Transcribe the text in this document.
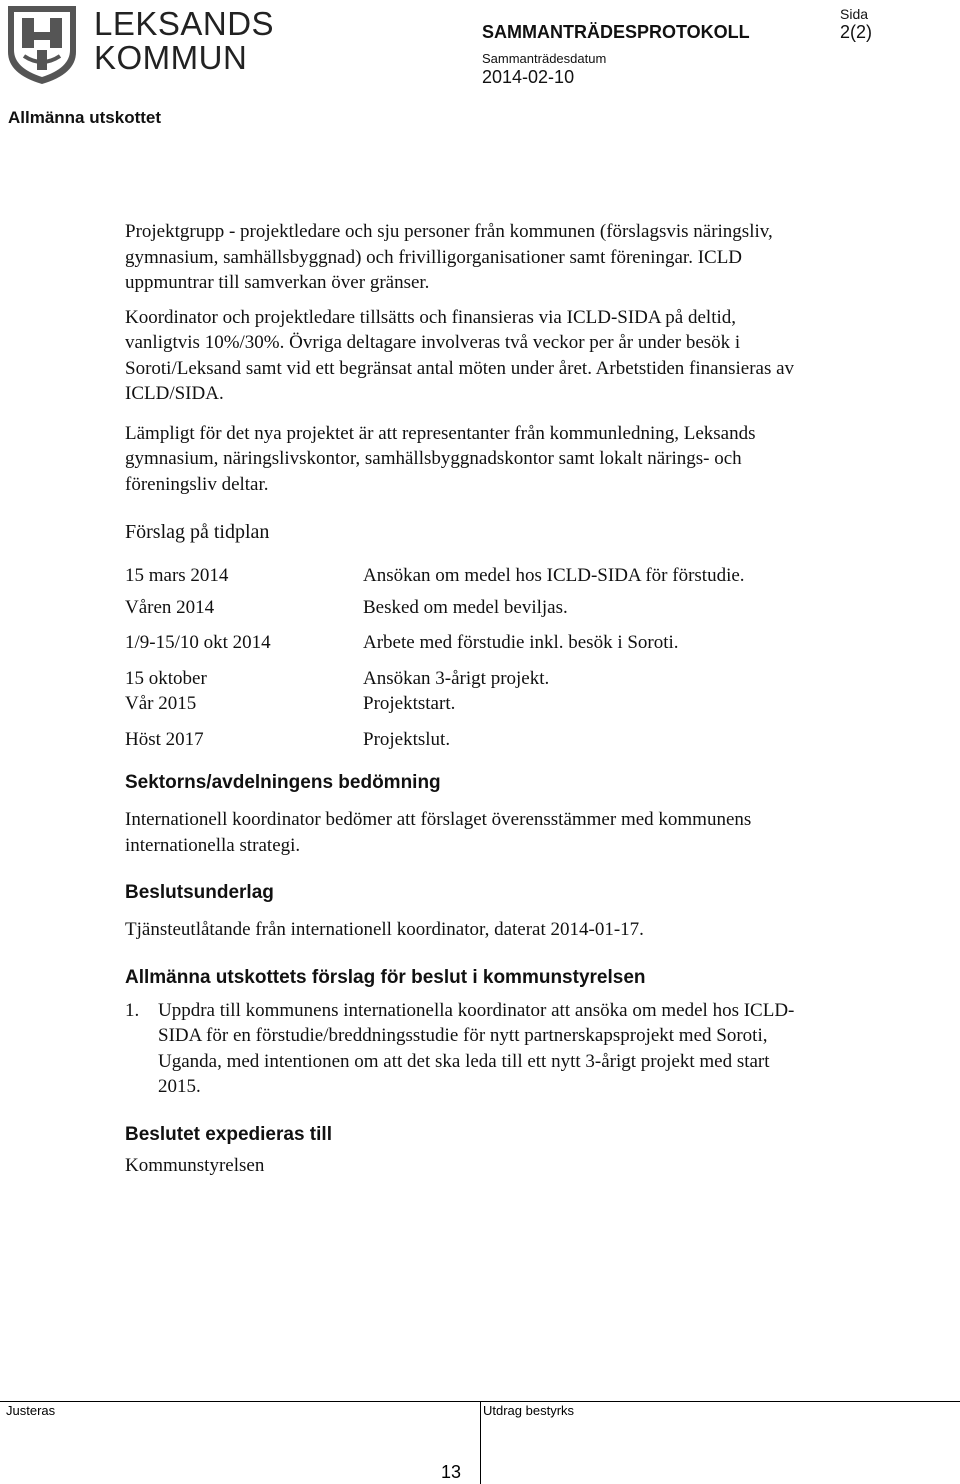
LEKSANDS
KOMMUN
SAMMANTRÄDESPROTOKOLL
Sammanträdesdatum
2014-02-10
Sida
2(2)
Allmänna utskottet

Projektgrupp - projektledare och sju personer från kommunen (förslagsvis näringsliv, gymnasium, samhällsbyggnad) och frivilligorganisationer samt föreningar. ICLD uppmuntrar till samverkan över gränser.

Koordinator och projektledare tillsätts och finansieras via ICLD-SIDA på deltid, vanligtvis 10%/30%. Övriga deltagare involveras två veckor per år under besök i Soroti/Leksand samt vid ett begränsat antal möten under året. Arbetstiden finansieras av ICLD/SIDA.

Lämpligt för det nya projektet är att representanter från kommunledning, Leksands gymnasium, näringslivskontor, samhällsbyggnadskontor samt lokalt närings- och föreningsliv deltar.

Förslag på tidplan
15 mars 2014	Ansökan om medel hos ICLD-SIDA för förstudie.
Våren 2014	Besked om medel beviljas.
1/9-15/10 okt 2014	Arbete med förstudie inkl. besök i Soroti.
15 oktober	Ansökan 3-årigt projekt.
Vår 2015	Projektstart.
Höst 2017	Projektslut.
Sektorns/avdelningens bedömning

Internationell koordinator bedömer att förslaget överensstämmer med kommunens internationella strategi.

Beslutsunderlag

Tjänsteutlåtande från internationell koordinator, daterat 2014-01-17.

Allmänna utskottets förslag för beslut i kommunstyrelsen
1. Uppdra till kommunens internationella koordinator att ansöka om medel hos ICLD-SIDA för en förstudie/breddningsstudie för nytt partnerskapsprojekt med Soroti, Uganda, med intentionen om att det ska leda till ett nytt 3-årigt projekt med start 2015.
Beslutet expedieras till

Kommunstyrelsen

Justeras	Utdrag bestyrks
13
